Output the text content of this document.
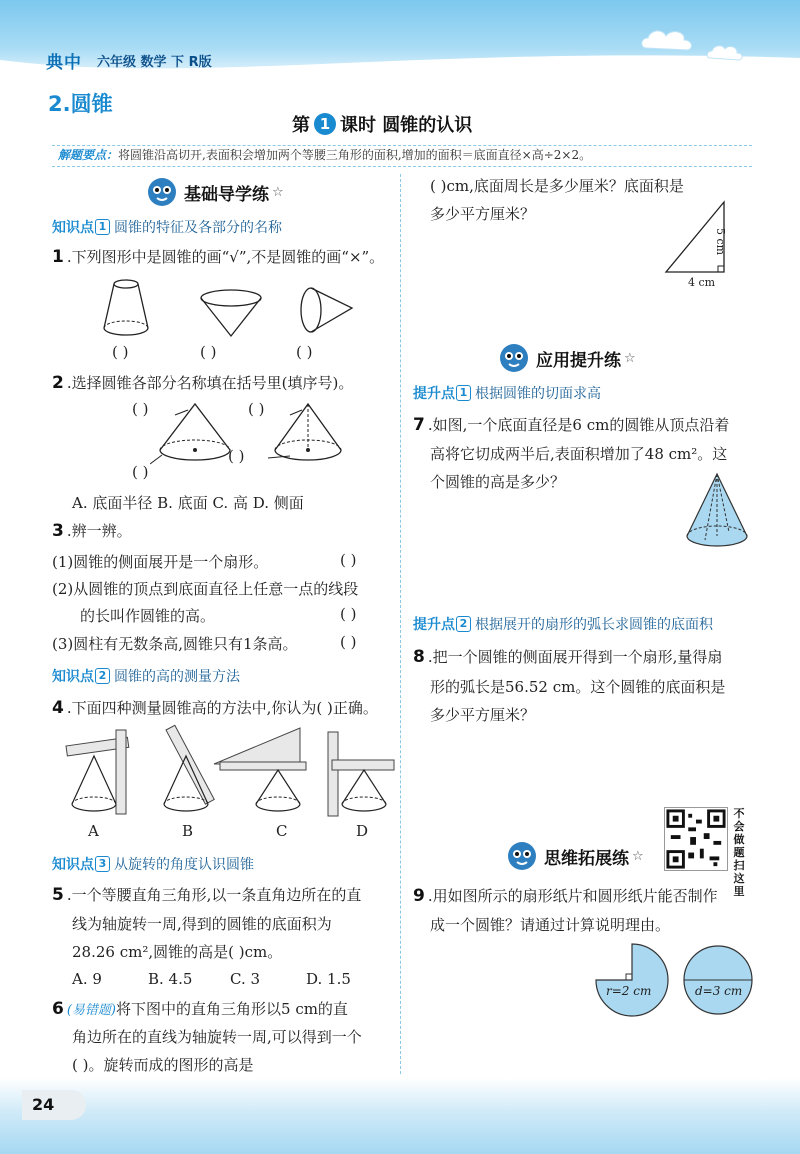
典中 六年级 数学 下 R版
2.圆锥
第 1 课时 圆锥的认识
解题要点：将圆锥沿高切开,表面积会增加两个等腰三角形的面积,增加的面积＝底面直径×高÷2×2。
基础导学练 ☆
知识点 1 圆锥的特征及各部分的名称
1 .下列图形中是圆锥的画“√”,不是圆锥的画“×”。
( )	( )	( )
2 .选择圆锥各部分名称填在括号里(填序号)。
( )	( )
( )
( )
A. 底面半径 B. 底面 C. 高 D. 侧面
3 .辨一辨。
(1)圆锥的侧面展开是一个扇形。	( )
(2)从圆锥的顶点到底面直径上任意一点的线段
的长叫作圆锥的高。	( )
(3)圆柱有无数条高,圆锥只有1条高。	( )
知识点 2 圆锥的高的测量方法
4 .下面四种测量圆锥高的方法中,你认为( )正确。
A	B	C	D
知识点 3 从旋转的角度认识圆锥
5 .一个等腰直角三角形,以一条直角边所在的直
线为轴旋转一周,得到的圆锥的底面积为
28.26 cm²,圆锥的高是( )cm。
A. 9	B. 4.5	C. 3	D. 1.5
6 (易错题)将下图中的直角三角形以5 cm的直
角边所在的直线为轴旋转一周,可以得到一个
( )。旋转而成的图形的高是
( )cm,底面周长是多少厘米？底面积是
多少平方厘米？
5 cm
4 cm
应用提升练 ☆
提升点 1 根据圆锥的切面求高
7 .如图,一个底面直径是6 cm的圆锥从顶点沿着
高将它切成两半后,表面积增加了48 cm²。这
个圆锥的高是多少？
提升点 2 根据展开的扇形的弧长求圆锥的底面积
8 .把一个圆锥的侧面展开得到一个扇形,量得扇
形的弧长是56.52 cm。这个圆锥的底面积是
多少平方厘米？
不会做题扫这里
思维拓展练 ☆
9 .用如图所示的扇形纸片和圆形纸片能否制作
成一个圆锥？请通过计算说明理由。
r=2 cm	d=3 cm
24
